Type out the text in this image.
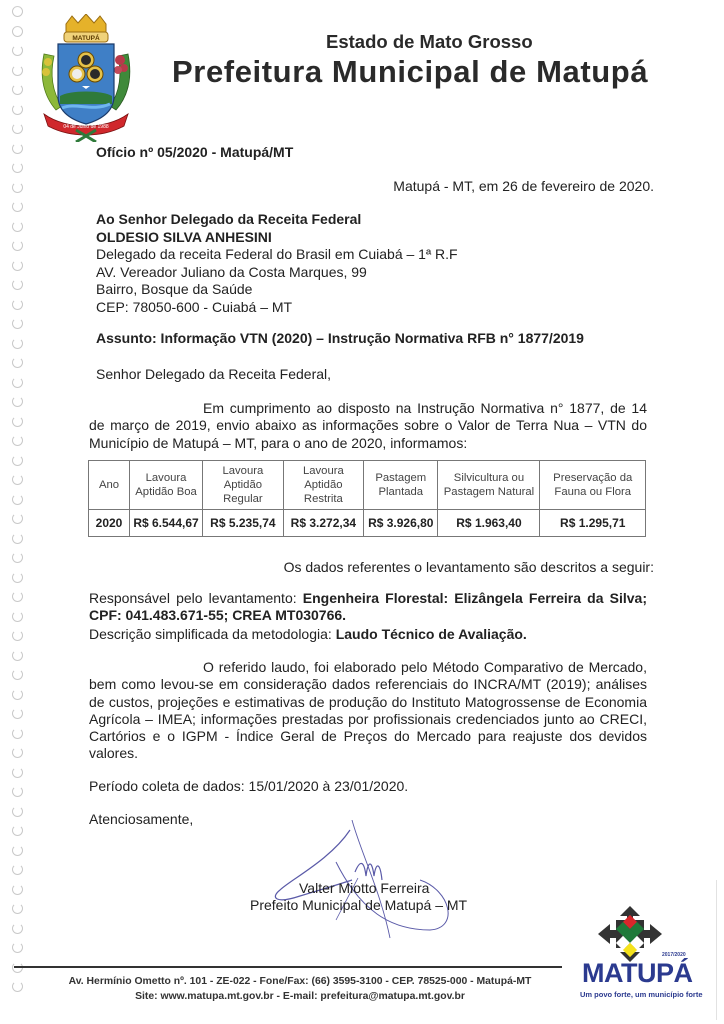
MATUPÁ
04 de Julho de 1988
Estado de Mato Grosso
Prefeitura Municipal de Matupá
Ofício nº 05/2020 - Matupá/MT
Matupá - MT, em 26 de fevereiro de 2020.
Ao Senhor Delegado da Receita Federal
OLDESIO SILVA ANHESINI
Delegado da receita Federal do Brasil em Cuiabá – 1ª R.F
AV. Vereador Juliano da Costa Marques, 99
Bairro, Bosque da Saúde
CEP: 78050-600 - Cuiabá – MT
Assunto: Informação VTN (2020) – Instrução Normativa RFB n° 1877/2019
Senhor Delegado da Receita Federal,
Em cumprimento ao disposto na Instrução Normativa n° 1877, de 14 de março de 2019, envio abaixo as informações sobre o Valor de Terra Nua – VTN do Município de Matupá – MT, para o ano de 2020, informamos:
Ano	Lavoura Aptidão Boa	Lavoura Aptidão Regular	Lavoura Aptidão Restrita	Pastagem Plantada	Silvicultura ou Pastagem Natural	Preservação da Fauna ou Flora
2020	R$ 6.544,67	R$ 5.235,74	R$ 3.272,34	R$ 3.926,80	R$ 1.963,40	R$ 1.295,71
Os dados referentes o levantamento são descritos a seguir:
Responsável pelo levantamento: Engenheira Florestal: Elizângela Ferreira da Silva; CPF: 041.483.671-55; CREA MT030766.
Descrição simplificada da metodologia: Laudo Técnico de Avaliação.
O referido laudo, foi elaborado pelo Método Comparativo de Mercado, bem como levou-se em consideração dados referenciais do INCRA/MT (2019); análises de custos, projeções e estimativas de produção do Instituto Matogrossense de Economia Agrícola – IMEA; informações prestadas por profissionais credenciados junto ao CRECI, Cartórios e o IGPM - Índice Geral de Preços do Mercado para reajuste dos devidos valores.
Período coleta de dados: 15/01/2020 à 23/01/2020.
Atenciosamente,
Valter Miotto Ferreira
Prefeito Municipal de Matupá – MT
Av. Hermínio Ometto nº. 101 - ZE-022 - Fone/Fax: (66) 3595-3100 - CEP. 78525-000 - Matupá-MT
Site: www.matupa.mt.gov.br - E-mail: prefeitura@matupa.mt.gov.br
2017/2020
MATUPÁ
Um povo forte, um município forte
